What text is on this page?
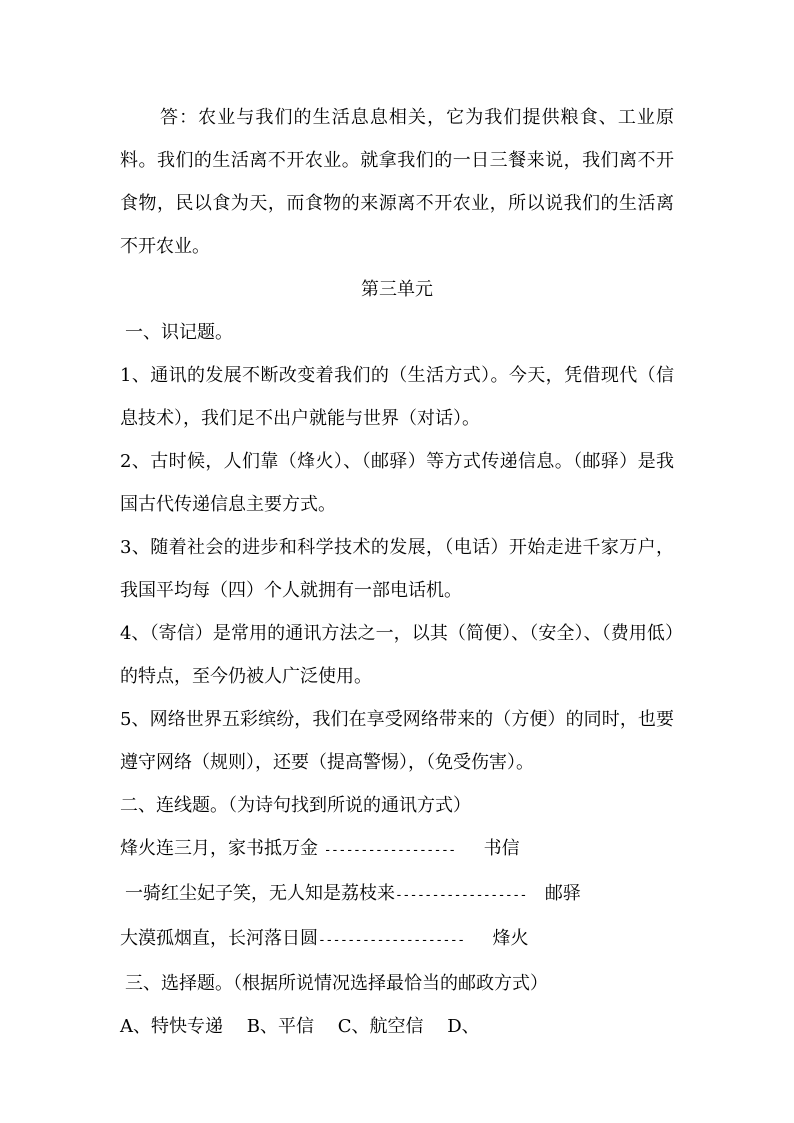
答：农业与我们的生活息息相关，它为我们提供粮食、工业原料。我们的生活离不开农业。就拿我们的一日三餐来说，我们离不开食物，民以食为天，而食物的来源离不开农业，所以说我们的生活离不开农业。

第三单元

一、识记题。

1、通讯的发展不断改变着我们的（生活方式）。今天，凭借现代（信息技术），我们足不出户就能与世界（对话）。

2、古时候，人们靠（烽火）、（邮驿）等方式传递信息。（邮驿）是我国古代传递信息主要方式。

3、随着社会的进步和科学技术的发展，（电话）开始走进千家万户，我国平均每（四）个人就拥有一部电话机。

4、（寄信）是常用的通讯方法之一，以其（简便）、（安全）、（费用低）的特点，至今仍被人广泛使用。

5、网络世界五彩缤纷，我们在享受网络带来的（方便）的同时，也要遵守网络（规则），还要（提高警惕），（免受伤害）。

二、连线题。（为诗句找到所说的通讯方式）

烽火连三月，家书抵万金 ------------------ 书信

一骑红尘妃子笑，无人知是荔枝来------------------ 邮驿

大漠孤烟直，长河落日圆-------------------- 烽火

三、选择题。（根据所说情况选择最恰当的邮政方式）

A、特快专递 B、平信 C、航空信 D、
